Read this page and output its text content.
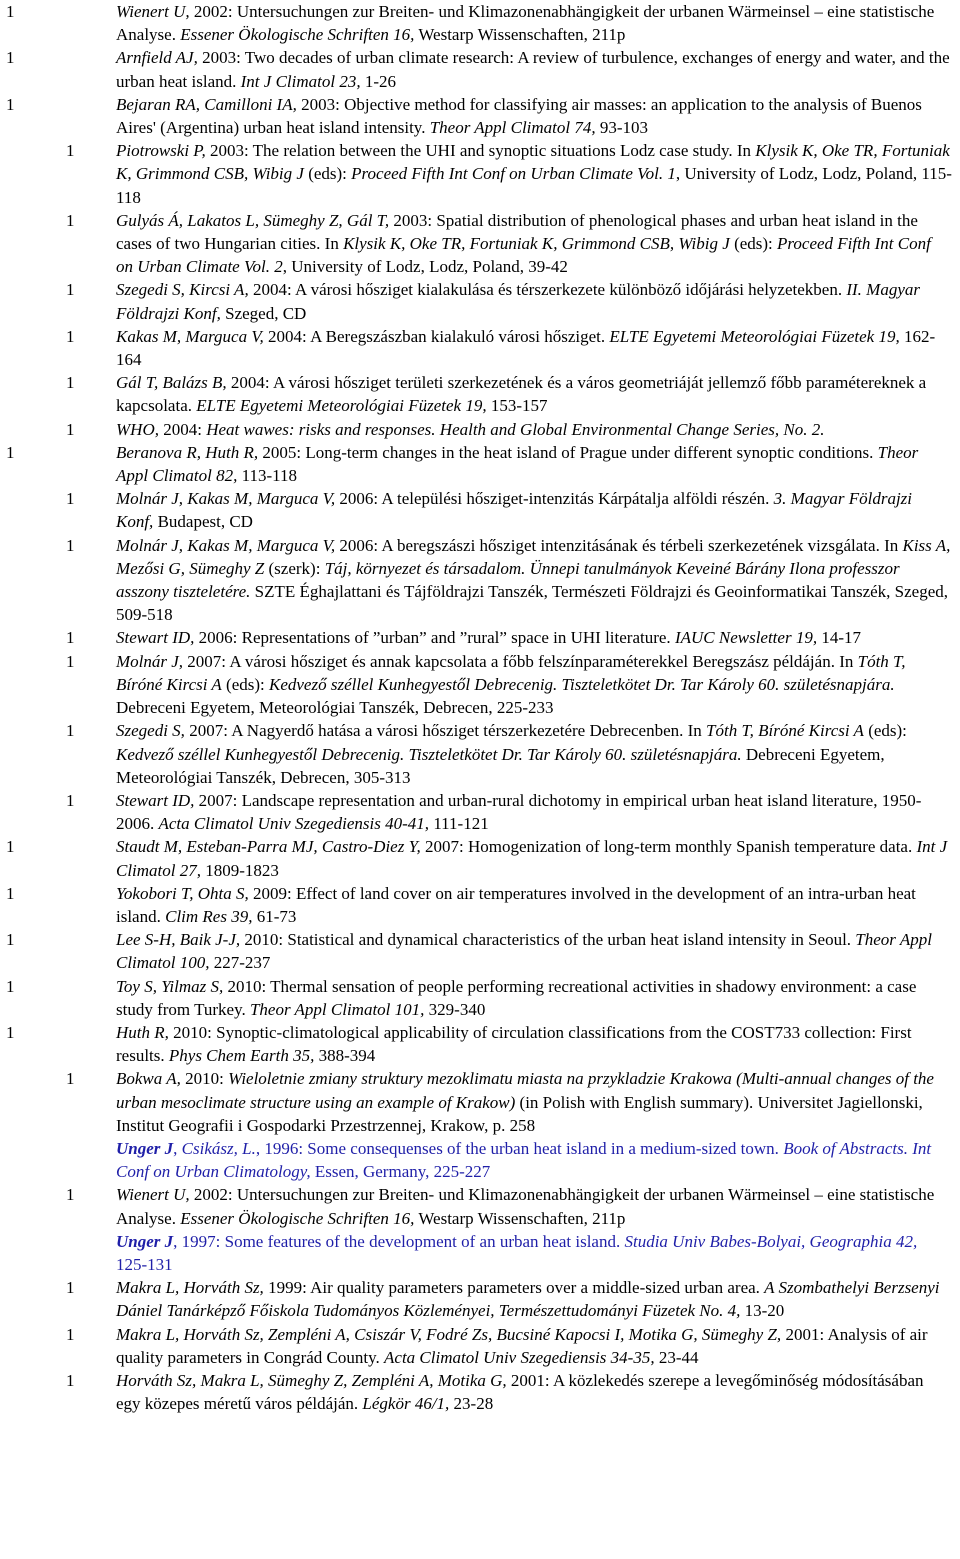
1	Wienert U, 2002: Untersuchungen zur Breiten- und Klimazonenabhängigkeit der urbanen Wärmeinsel – eine statistische Analyse. Essener Ökologische Schriften 16, Westarp Wissenschaften, 211p
1	Arnfield AJ, 2003: Two decades of urban climate research: A review of turbulence, exchanges of energy and water, and the urban heat island. Int J Climatol 23, 1-26
1	Bejaran RA, Camilloni IA, 2003: Objective method for classifying air masses: an application to the analysis of Buenos Aires' (Argentina) urban heat island intensity. Theor Appl Climatol 74, 93-103
1 Piotrowski P, 2003: The relation between the UHI and synoptic situations Lodz case study. In Klysik K, Oke TR, Fortuniak K, Grimmond CSB, Wibig J (eds): Proceed Fifth Int Conf on Urban Climate Vol. 1, University of Lodz, Lodz, Poland, 115-118
1 Gulyás Á, Lakatos L, Sümeghy Z, Gál T, 2003: Spatial distribution of phenological phases and urban heat island in the cases of two Hungarian cities. In Klysik K, Oke TR, Fortuniak K, Grimmond CSB, Wibig J (eds): Proceed Fifth Int Conf on Urban Climate Vol. 2, University of Lodz, Lodz, Poland, 39-42
1 Szegedi S, Kircsi A, 2004: A városi hősziget kialakulása és térszerkezete különböző időjárási helyzetekben. II. Magyar Földrajzi Konf, Szeged, CD
1 Kakas M, Marguca V, 2004: A Beregszászban kialakuló városi hősziget. ELTE Egyetemi Meteorológiai Füzetek 19, 162-164
1 Gál T, Balázs B, 2004: A városi hősziget területi szerkezetének és a város geometriáját jellemző főbb paramétereknek a kapcsolata. ELTE Egyetemi Meteorológiai Füzetek 19, 153-157
1 WHO, 2004: Heat wawes: risks and responses. Health and Global Environmental Change Series, No. 2.
1	Beranova R, Huth R, 2005: Long-term changes in the heat island of Prague under different synoptic conditions. Theor Appl Climatol 82, 113-118
1 Molnár J, Kakas M, Marguca V, 2006: A települési hősziget-intenzitás Kárpátalja alföldi részén. 3. Magyar Földrajzi Konf, Budapest, CD
1 Molnár J, Kakas M, Marguca V, 2006: A beregszászi hősziget intenzitásának és térbeli szerkezetének vizsgálata. In Kiss A, Mezősi G, Sümeghy Z (szerk): Táj, környezet és társadalom. Ünnepi tanulmányok Keveiné Bárány Ilona professzor asszony tiszteletére. SZTE Éghajlattani és Tájföldrajzi Tanszék, Természeti Földrajzi és Geoinformatikai Tanszék, Szeged, 509-518
1 Stewart ID, 2006: Representations of ”urban” and ”rural” space in UHI literature. IAUC Newsletter 19, 14-17
1 Molnár J, 2007: A városi hősziget és annak kapcsolata a főbb felszínparaméterekkel Beregszász példáján. In Tóth T, Bíróné Kircsi A (eds): Kedvező széllel Kunhegyestől Debrecenig. Tiszteletkötet Dr. Tar Károly 60. születésnapjára. Debreceni Egyetem, Meteorológiai Tanszék, Debrecen, 225-233
1 Szegedi S, 2007: A Nagyerdő hatása a városi hősziget térszerkezetére Debrecenben. In Tóth T, Bíróné Kircsi A (eds): Kedvező széllel Kunhegyestől Debrecenig. Tiszteletkötet Dr. Tar Károly 60. születésnapjára. Debreceni Egyetem, Meteorológiai Tanszék, Debrecen, 305-313
1 Stewart ID, 2007: Landscape representation and urban-rural dichotomy in empirical urban heat island literature, 1950-2006. Acta Climatol Univ Szegediensis 40-41, 111-121
1	Staudt M, Esteban-Parra MJ, Castro-Diez Y, 2007: Homogenization of long-term monthly Spanish temperature data. Int J Climatol 27, 1809-1823
1	Yokobori T, Ohta S, 2009: Effect of land cover on air temperatures involved in the development of an intra-urban heat island. Clim Res 39, 61-73
1	Lee S-H, Baik J-J, 2010: Statistical and dynamical characteristics of the urban heat island intensity in Seoul. Theor Appl Climatol 100, 227-237
1	Toy S, Yilmaz S, 2010: Thermal sensation of people performing recreational activities in shadowy environment: a case study from Turkey. Theor Appl Climatol 101, 329-340
1	Huth R, 2010: Synoptic-climatological applicability of circulation classifications from the COST733 collection: First results. Phys Chem Earth 35, 388-394
1 Bokwa A, 2010: Wieloletnie zmiany struktury mezoklimatu miasta na przykladzie Krakowa (Multi-annual changes of the urban mesoclimate structure using an example of Krakow) (in Polish with English summary). Universitet Jagiellonski, Institut Geografii i Gospodarki Przestrzennej, Krakow, p. 258
Unger J, Csikász, L., 1996: Some consequenses of the urban heat island in a medium-sized town. Book of Abstracts. Int Conf on Urban Climatology, Essen, Germany, 225-227
1 Wienert U, 2002: Untersuchungen zur Breiten- und Klimazonenabhängigkeit der urbanen Wärmeinsel – eine statistische Analyse. Essener Ökologische Schriften 16, Westarp Wissenschaften, 211p
Unger J, 1997: Some features of the development of an urban heat island. Studia Univ Babes-Bolyai, Geographia 42, 125-131
1 Makra L, Horváth Sz, 1999: Air quality parameters parameters over a middle-sized urban area. A Szombathelyi Berzsenyi Dániel Tanárképző Főiskola Tudományos Közleményei, Természettudományi Füzetek No. 4, 13-20
1 Makra L, Horváth Sz, Zempléni A, Csiszár V, Fodré Zs, Bucsiné Kapocsi I, Motika G, Sümeghy Z, 2001: Analysis of air quality parameters in Congrád County. Acta Climatol Univ Szegediensis 34-35, 23-44
1 Horváth Sz, Makra L, Sümeghy Z, Zempléni A, Motika G, 2001: A közlekedés szerepe a levegőminőség módosításában egy közepes méretű város példáján. Légkör 46/1, 23-28
